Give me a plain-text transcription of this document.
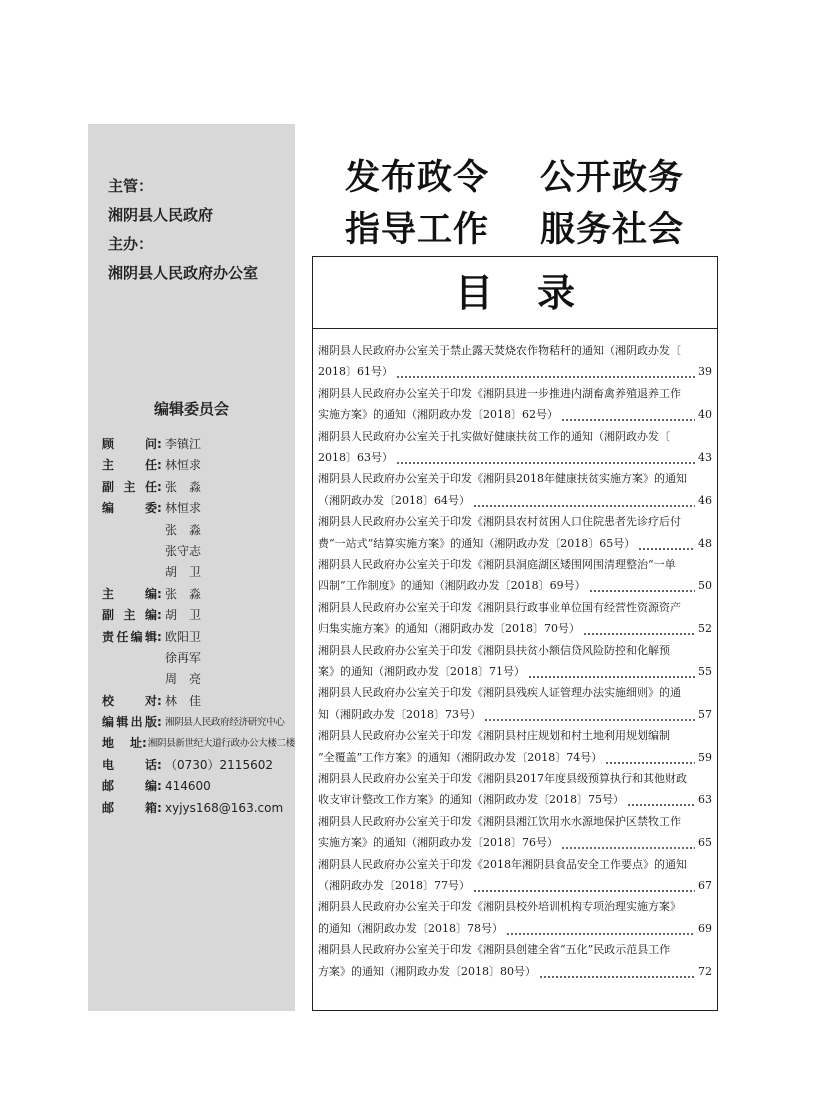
主管：
湘阴县人民政府
主办：
湘阴县人民政府办公室
编辑委员会
顾问 : 李镇江
主任 : 林恒求
副主任 : 张　淼
编委 : 林恒求
张　淼
张守志
胡　卫
主编 : 张　淼
副主编 : 胡　卫
责任编辑 : 欧阳卫
徐再军
周　亮
校对 : 林　佳
编辑出版 : 湘阴县人民政府经济研究中心
地址 : 湘阴县新世纪大道行政办公大楼二楼
电话 : （0730）2115602
邮编 : 414600
邮箱 : xyjys168@163.com
发布政令 公开政务
指导工作 服务社会
目录
湘阴县人民政府办公室关于禁止露天焚烧农作物秸秆的通知（湘阴政办发〔
2018〕61号）	39
湘阴县人民政府办公室关于印发《湘阴县进一步推进内湖畜禽养殖退养工作
实施方案》的通知（湘阴政办发〔2018〕62号）	40
湘阴县人民政府办公室关于扎实做好健康扶贫工作的通知（湘阴政办发〔
2018〕63号）	43
湘阴县人民政府办公室关于印发《湘阴县2018年健康扶贫实施方案》的通知
（湘阴政办发〔2018〕64号）	46
湘阴县人民政府办公室关于印发《湘阴县农村贫困人口住院患者先诊疗后付
费“一站式”结算实施方案》的通知（湘阴政办发〔2018〕65号）	48
湘阴县人民政府办公室关于印发《湘阴县洞庭湖区矮围网围清理整治“一单
四制”工作制度》的通知（湘阴政办发〔2018〕69号）	50
湘阴县人民政府办公室关于印发《湘阴县行政事业单位国有经营性资源资产
归集实施方案》的通知（湘阴政办发〔2018〕70号）	52
湘阴县人民政府办公室关于印发《湘阴县扶贫小额信贷风险防控和化解预
案》的通知（湘阴政办发〔2018〕71号）	55
湘阴县人民政府办公室关于印发《湘阴县残疾人证管理办法实施细则》的通
知（湘阴政办发〔2018〕73号）	57
湘阴县人民政府办公室关于印发《湘阴县村庄规划和村土地利用规划编制
“全覆盖”工作方案》的通知（湘阴政办发〔2018〕74号）	59
湘阴县人民政府办公室关于印发《湘阴县2017年度县级预算执行和其他财政
收支审计整改工作方案》的通知（湘阴政办发〔2018〕75号）	63
湘阴县人民政府办公室关于印发《湘阴县湘江饮用水水源地保护区禁牧工作
实施方案》的通知（湘阴政办发〔2018〕76号）	65
湘阴县人民政府办公室关于印发《2018年湘阴县食品安全工作要点》的通知
（湘阴政办发〔2018〕77号）	67
湘阴县人民政府办公室关于印发《湘阴县校外培训机构专项治理实施方案》
的通知（湘阴政办发〔2018〕78号）	69
湘阴县人民政府办公室关于印发《湘阴县创建全省“五化”民政示范县工作
方案》的通知（湘阴政办发〔2018〕80号）	72
